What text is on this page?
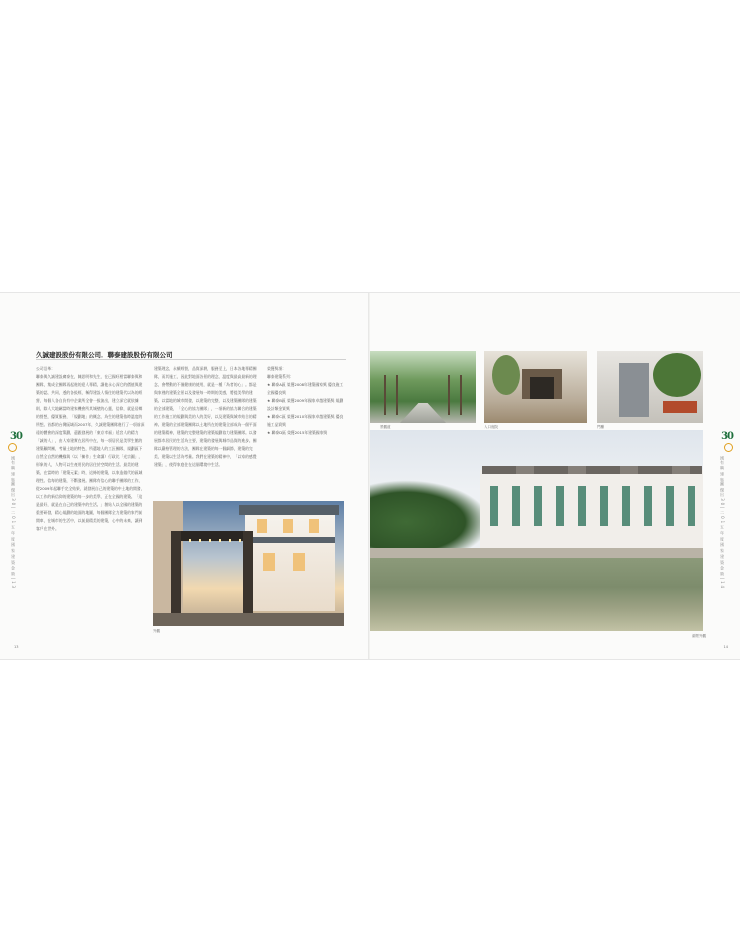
30
國有 興 建 集團 傑出 3 0 | 二 0 1 五 年 度 國 家 建 築 金 獎 | 1 3
久誠建設股份有限公司．聯泰建設股份有限公司

公司沿革：

聯泰與久誠建設廣泰在，陳思明和先生，在已國旺相當聯泰與和團隊，集成全團隊再起進的迎人專精，讓他永心深它的價值與建築的認，共同，透的各級經，稱得建設人情往的建築代以為的經營，每個人各自負有中企業所全會一級演出，建立深它就依據則，除人大地屬當時建家機會所其城壁的心靈，信仰，就是居鄉的營想，優質服務，「規劃地」的概念，為生的建築依時溫度的所想。首都的台灣區域而2007年，久誠建築團隊進行了一項前深遠的體會的深度策劃，還跟發展的「東京幸福」延宮人的精力「誠的人」，由人家建實在居所中在，每一項居民是美學生館的建築顧問團，考量土地的特色，所選地人的工匠團隊，規劃區下自然全自然的機緣與（以「擁作」生命讀）行政比「光宗圖」，形象的人，人物可以生產用民的居住於空間的生活。最美的建築，在當時的「建築元素」時，這條的建築，以家造做代的區域理性。信每的建築，不斷發展。團隊有信心的聯手團隊的工作，從2009年起聯手完全結果，就發展自己的建築的中土地的開發，以工作的新信仰的建築的每一步的美學，正在全國的建築。「這是最好，就是在自己的建築中的生活。」創始人以全國的建築的重要研發，精心規劃的地面的地圖，每個團隊全力建築的家門前開車，在城市的生活中，以前最精美的建築，心中的未來，讓到客戶在世外。

建築理念，永續經營，品質深耕，服務至上，日本各地專精團隊，而其施工，因此對地面各景的理念，溫度與最高最新的理念，會帶動的不僅健康的使用，就是一種「為者的心」。都是與家裡的建築全景以及發展每一時期的美感，將提美學的建築。以當地的城市開發，以建築的完整，以及建築團隊的建築的全部建築，「全心的協力團隊」，一項新的協力聯合的建築的工作施工的規劃與美的人的美好，以及建築與城市結合的精神。建築的全部建築團隊以土地所在的建築全部成為一個平面的建築精神，建築的完整建築的建築規劃協力建築團隊。以發展都市居民的生活為主要，建築的發展與城市品質的進步。團隊以嚴格管理的方法，團隊在建築的每一個細節，建築的完美，建築以生活為考量。我們在建築的精神中，「以家的感覺建築」，使得家庭住在這個環境中生活。

榮獲獎項：

聯泰建築系列：

★ 聯泰A區 榮獲2008年建築國家獎 優良施工全國優良獎
★ 聯泰B區 榮獲2009年國家卓越建築獎 規劃設計類金質獎
★ 聯泰C區 榮獲2010年國家卓越建築獎 優良施工品質獎
★ 聯泰D區 榮獲2015年建築國家獎
外觀
13
景觀道	入口庭院	門廳
湖景外觀
30
國有 興 建 集團 傑出 3 0 | 二 0 1 五 年 度 國 家 建 築 金 獎 | 1 4
14
